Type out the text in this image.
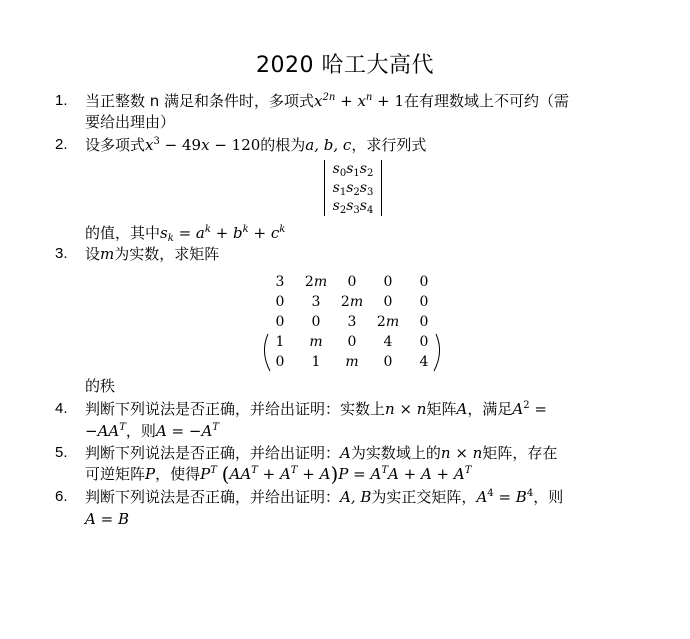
2020 哈工大高代
1. 当正整数 n 满足和条件时，多项式$x^{2n} + x^n + 1$在有理数域上不可约（需
要给出理由）
2. 设多项式$x^3 - 49x - 120$的根为a, b, c，求行列式
$s_0s_1s_2$
$s_1s_2s_3$
$s_2s_3s_4$
的值，其中$s_k = a^k + b^k + c^k$
3. 设m为实数，求矩阵
3	2m	0	0	0
0	3	2m	0	0
0	0	3	2m	0
1	m	0	4	0
0	1	m	0	4
的秩
4. 判断下列说法是否正确，并给出证明：实数上n × n矩阵A，满足$A^2$ =
$-AA^T$，则$A = -A^T$
5. 判断下列说法是否正确，并给出证明：A为实数域上的n × n矩阵，存在
可逆矩阵P，使得$P^T$ $(AA^T + A^T + A)P = A^TA + A + A^T$
6. 判断下列说法是否正确，并给出证明：A, B为实正交矩阵，$A^4 = B^4$，则
A = B
